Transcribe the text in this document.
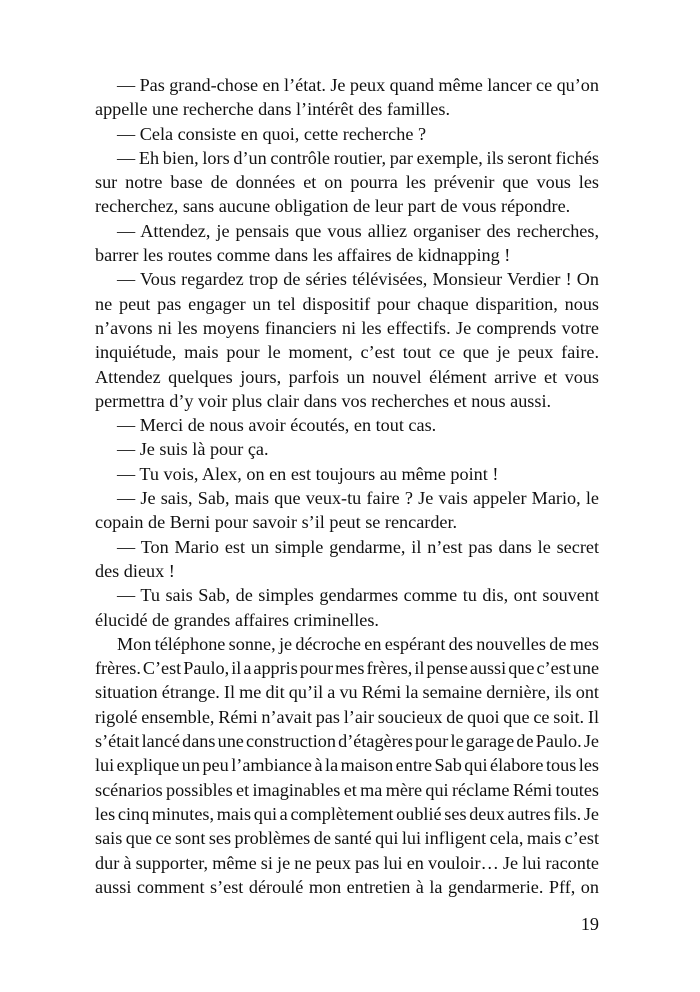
— Pas grand-chose en l’état. Je peux quand même lancer ce qu’on
appelle une recherche dans l’intérêt des familles.
— Cela consiste en quoi, cette recherche ?
— Eh bien, lors d’un contrôle routier, par exemple, ils seront fichés
sur notre base de données et on pourra les prévenir que vous les
recherchez, sans aucune obligation de leur part de vous répondre.
— Attendez, je pensais que vous alliez organiser des recherches,
barrer les routes comme dans les affaires de kidnapping !
— Vous regardez trop de séries télévisées, Monsieur Verdier ! On
ne peut pas engager un tel dispositif pour chaque disparition, nous
n’avons ni les moyens financiers ni les effectifs. Je comprends votre
inquiétude, mais pour le moment, c’est tout ce que je peux faire.
Attendez quelques jours, parfois un nouvel élément arrive et vous
permettra d’y voir plus clair dans vos recherches et nous aussi.
— Merci de nous avoir écoutés, en tout cas.
— Je suis là pour ça.
— Tu vois, Alex, on en est toujours au même point !
— Je sais, Sab, mais que veux-tu faire ? Je vais appeler Mario, le
copain de Berni pour savoir s’il peut se rencarder.
— Ton Mario est un simple gendarme, il n’est pas dans le secret
des dieux !
— Tu sais Sab, de simples gendarmes comme tu dis, ont souvent
élucidé de grandes affaires criminelles.
Mon téléphone sonne, je décroche en espérant des nouvelles de mes
frères. C’est Paulo, il a appris pour mes frères, il pense aussi que c’est une
situation étrange. Il me dit qu’il a vu Rémi la semaine dernière, ils ont
rigolé ensemble, Rémi n’avait pas l’air soucieux de quoi que ce soit. Il
s’était lancé dans une construction d’étagères pour le garage de Paulo. Je
lui explique un peu l’ambiance à la maison entre Sab qui élabore tous les
scénarios possibles et imaginables et ma mère qui réclame Rémi toutes
les cinq minutes, mais qui a complètement oublié ses deux autres fils. Je
sais que ce sont ses problèmes de santé qui lui infligent cela, mais c’est
dur à supporter, même si je ne peux pas lui en vouloir… Je lui raconte
aussi comment s’est déroulé mon entretien à la gendarmerie. Pff, on
19
